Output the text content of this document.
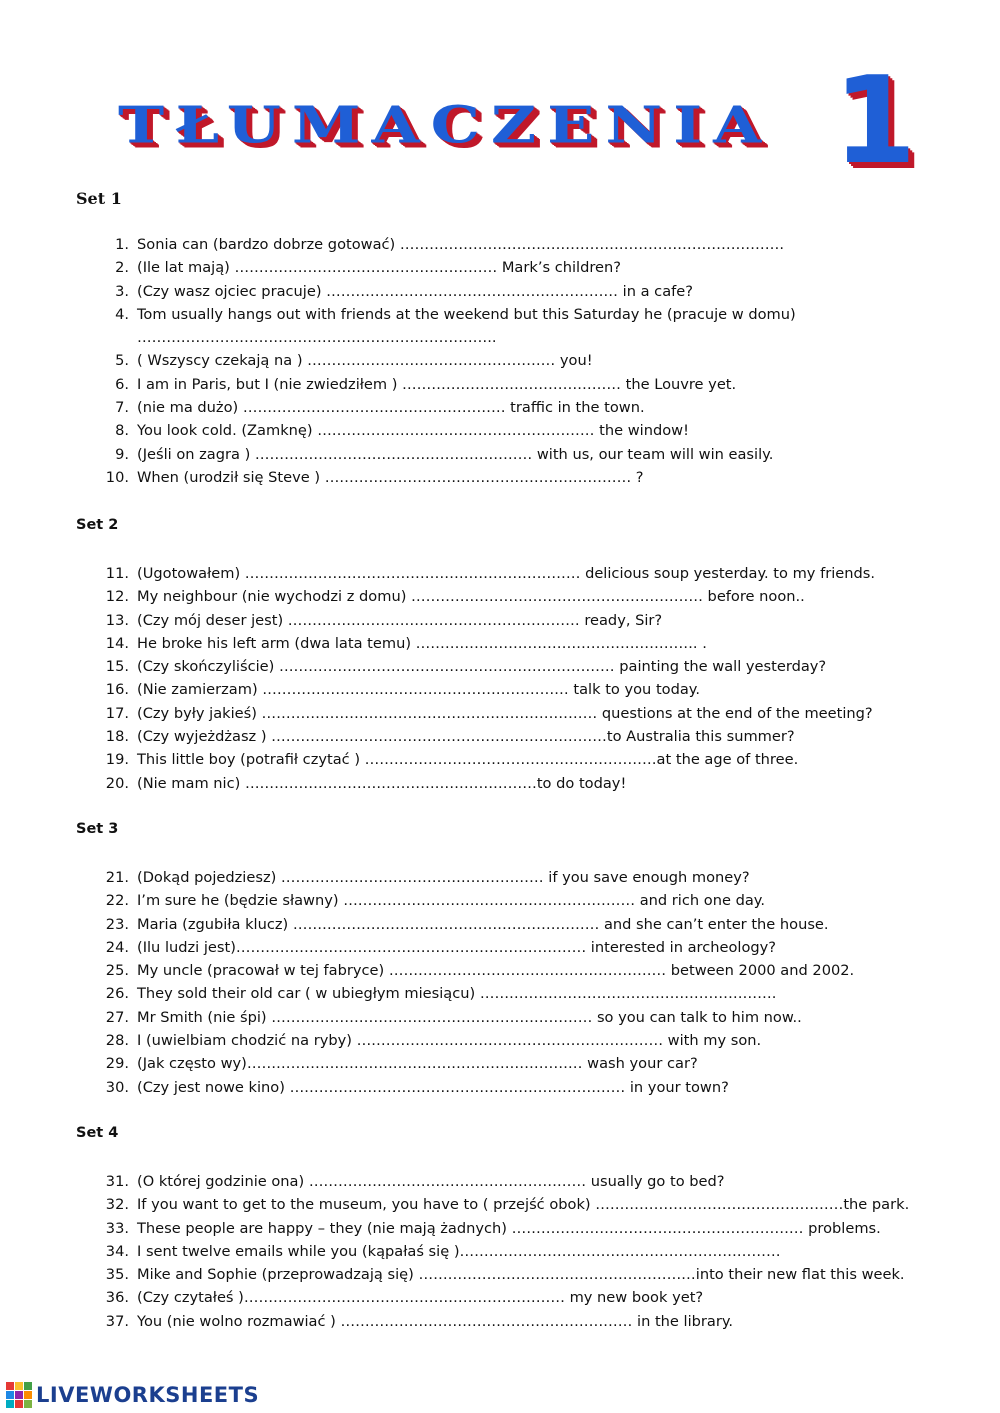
TŁUMACZENIA 1
Set 1
1. Sonia can (bardzo dobrze gotować) …………………………………………………………………….
2. (Ile lat mają) ……………………………………………… Mark’s children?
3. (Czy wasz ojciec pracuje) …………………………………………………… in a cafe?
4. Tom usually hangs out with friends at the weekend but this Saturday he (pracuje w domu)
………………………………………………………………..
5. ( Wszyscy czekają na ) …………………………………………… you!
6. I am in Paris, but I (nie zwiedziłem ) ……………………………………… the Louvre yet.
7. (nie ma dużo) ……………………………………………… traffic in the town.
8. You look cold. (Zamknę) ………………………………………………… the window!
9. (Jeśli on zagra ) ………………………………………………… with us, our team will win easily.
10. When (urodził się Steve ) ……………………………………………………… ?
Set 2
11. (Ugotowałem) …………………………………………………………… delicious soup yesterday. to my friends.
12. My neighbour (nie wychodzi z domu) …………………………………………………… before noon..
13. (Czy mój deser jest) …………………………………………………… ready, Sir?
14. He broke his left arm (dwa lata temu) …………………………………………………. .
15. (Czy skończyliście) …………………………………………………………… painting the wall yesterday?
16. (Nie zamierzam) ……………………………………………………… talk to you today.
17. (Czy były jakieś) …………………………………………………………… questions at the end of the meeting?
18. (Czy wyjeżdżasz ) ……………………………………………………………to Australia this summer?
19. This little boy (potrafił czytać ) ……………………………………………………at the age of three.
20. (Nie mam nic) ……………………………………………………to do today!
Set 3
21. (Dokąd pojedziesz) ……………………………………………… if you save enough money?
22. I’m sure he (będzie sławny) …………………………………………………… and rich one day.
23. Maria (zgubiła klucz) ……………………………………………………… and she can’t enter the house.
24. (Ilu ludzi jest)……………………………………………………………… interested in archeology?
25. My uncle (pracował w tej fabryce) ………………………………………………… between 2000 and 2002.
26. They sold their old car ( w ubiegłym miesiącu) …………………………………………………….
27. Mr Smith (nie śpi) ………………………………………………………… so you can talk to him now..
28. I (uwielbiam chodzić na ryby) ……………………………………………………… with my son.
29. (Jak często wy)…………………………………………………………… wash your car?
30. (Czy jest nowe kino) …………………………………………………………… in your town?
Set 4
31. (O której godzinie ona) ………………………………………………… usually go to bed?
32. If you want to get to the museum, you have to ( przejść obok) ……………………………………………the park.
33. These people are happy – they (nie mają żadnych) …………………………………………………… problems.
34. I sent twelve emails while you (kąpałaś się )…………………………………………………………
35. Mike and Sophie (przeprowadzają się) …………………………………………………into their new flat this week.
36. (Czy czytałeś )………………………………………………………… my new book yet?
37. You (nie wolno rozmawiać ) …………………………………………………… in the library.
LIVEWORKSHEETS
